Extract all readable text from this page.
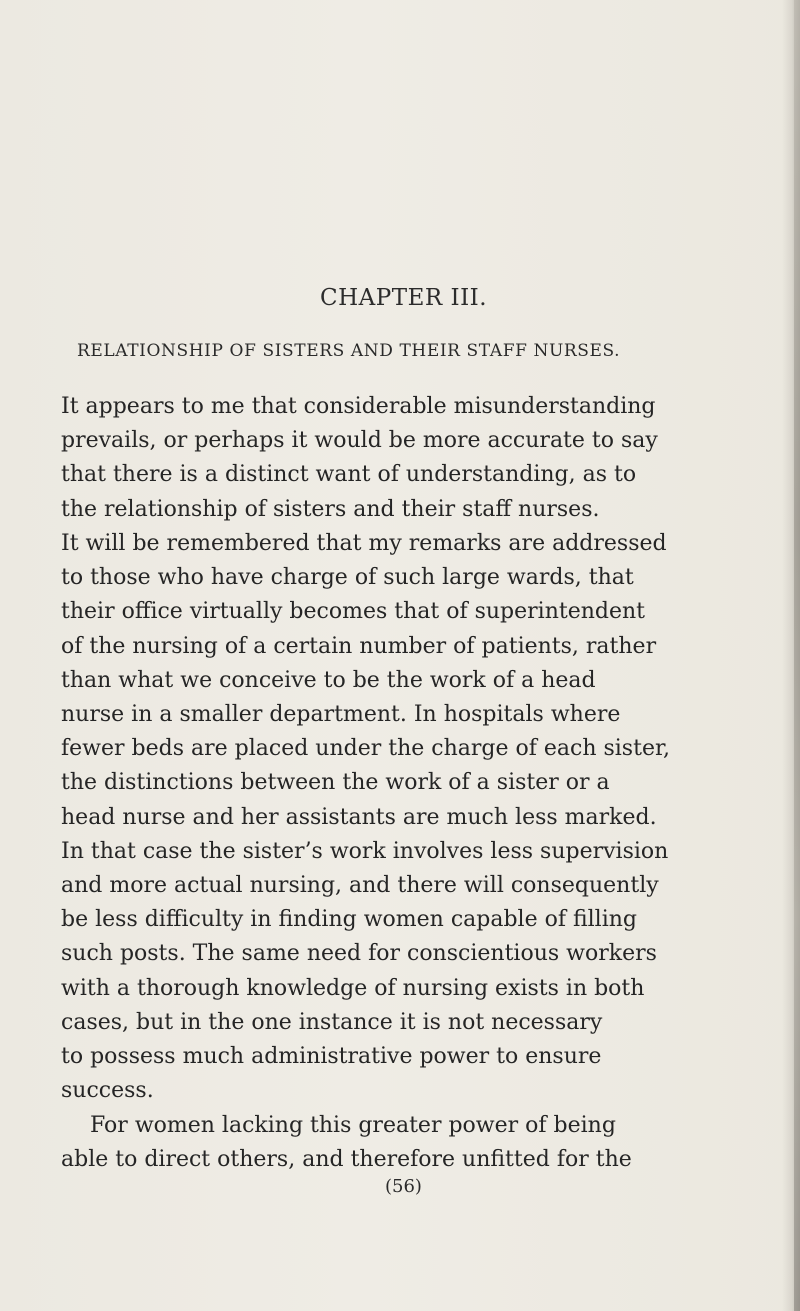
CHAPTER III.
RELATIONSHIP OF SISTERS AND THEIR STAFF NURSES.
It appears to me that considerable misunderstanding
prevails, or perhaps it would be more accurate to say
that there is a distinct want of understanding, as to
the relationship of sisters and their staff nurses.
It will be remembered that my remarks are addressed
to those who have charge of such large wards, that
their office virtually becomes that of superintendent
of the nursing of a certain number of patients, rather
than what we conceive to be the work of a head
nurse in a smaller department. In hospitals where
fewer beds are placed under the charge of each sister,
the distinctions between the work of a sister or a
head nurse and her assistants are much less marked.
In that case the sister’s work involves less supervision
and more actual nursing, and there will consequently
be less difficulty in finding women capable of filling
such posts. The same need for conscientious workers
with a thorough knowledge of nursing exists in both
cases, but in the one instance it is not necessary
to possess much administrative power to ensure
success.
For women lacking this greater power of being
able to direct others, and therefore unfitted for the
(56)
